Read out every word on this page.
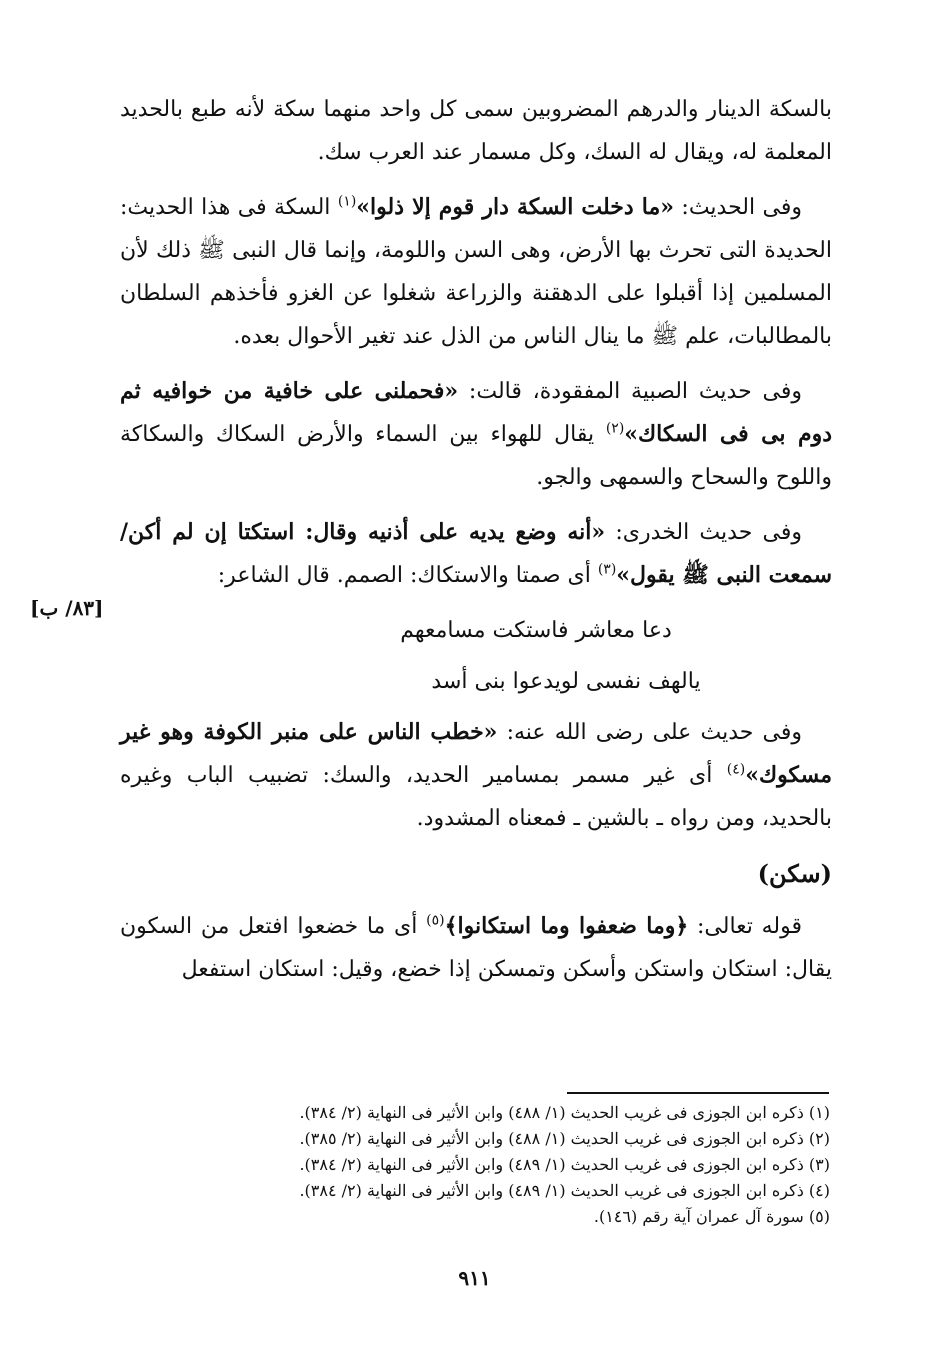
[٨٣/ ب]

بالسكة الدينار والدرهم المضروبين سمى كل واحد منهما سكة لأنه طبع بالحديد المعلمة له، ويقال له السك، وكل مسمار عند العرب سك.

وفى الحديث: «ما دخلت السكة دار قوم إلا ذلوا»$^{(١)}$ السكة فى هذا الحديث: الحديدة التى تحرث بها الأرض، وهى السن واللومة، وإنما قال النبى ﷺ ذلك لأن المسلمين إذا أقبلوا على الدهقنة والزراعة شغلوا عن الغزو فأخذهم السلطان بالمطالبات، علم ﷺ ما ينال الناس من الذل عند تغير الأحوال بعده.

وفى حديث الصبية المفقودة، قالت: «فحملنى على خافية من خوافيه ثم دوم بى فى السكاك»$^{(٢)}$ يقال للهواء بين السماء والأرض السكاك والسكاكة واللوح والسحاح والسمهى والجو.

وفى حديث الخدرى: «أنه وضع يديه على أذنيه وقال: استكتا إن لم أكن/ سمعت النبى ﷺ يقول»$^{(٣)}$ أى صمتا والاستكاك: الصمم. قال الشاعر:

دعا معاشر فاستكت مسامعهم

يالهف نفسى لويدعوا بنى أسد

وفى حديث على رضى الله عنه: «خطب الناس على منبر الكوفة وهو غير مسكوك»$^{(٤)}$ أى غير مسمر بمسامير الحديد، والسك: تضبيب الباب وغيره بالحديد، ومن رواه ـ بالشين ـ فمعناه المشدود.

(سكن)

قوله تعالى: ﴿وما ضعفوا وما استكانوا﴾$^{(٥)}$ أى ما خضعوا افتعل من السكون يقال: استكان واستكن وأسكن وتمسكن إذا خضع، وقيل: استكان استفعل

(١) ذكره ابن الجوزى فى غريب الحديث (١/ ٤٨٨) وابن الأثير فى النهاية (٢/ ٣٨٤).

(٢) ذكره ابن الجوزى فى غريب الحديث (١/ ٤٨٨) وابن الأثير فى النهاية (٢/ ٣٨٥).

(٣) ذكره ابن الجوزى فى غريب الحديث (١/ ٤٨٩) وابن الأثير فى النهاية (٢/ ٣٨٤).

(٤) ذكره ابن الجوزى فى غريب الحديث (١/ ٤٨٩) وابن الأثير فى النهاية (٢/ ٣٨٤).

(٥) سورة آل عمران آية رقم (١٤٦).

٩١١
